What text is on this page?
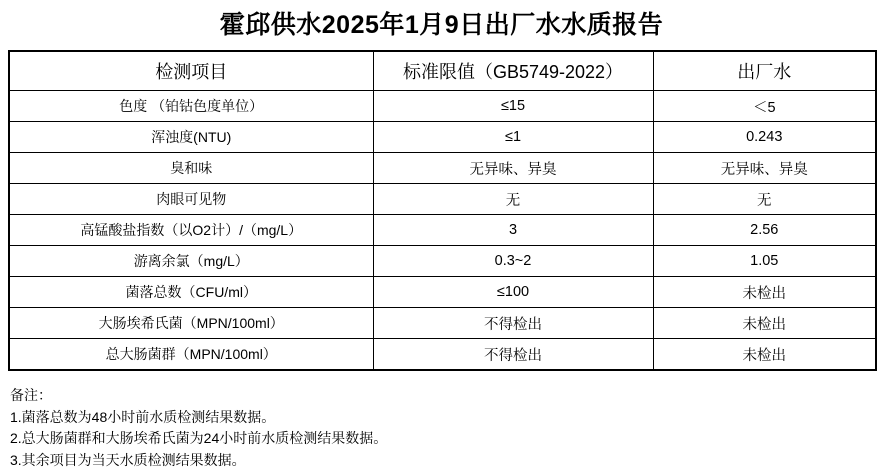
霍邱供水2025年1月9日出厂水水质报告
检测项目	标准限值（GB5749-2022）	出厂水
色度 （铂钴色度单位）	≤15	＜5
浑浊度(NTU)	≤1	0.243
臭和味	无异味、异臭	无异味、异臭
肉眼可见物	无	无
高锰酸盐指数（以O2计）/（mg/L）	3	2.56
游离余氯（mg/L）	0.3~2	1.05
菌落总数（CFU/ml）	≤100	未检出
大肠埃希氏菌（MPN/100ml）	不得检出	未检出
总大肠菌群（MPN/100ml）	不得检出	未检出
备注：
1.菌落总数为48小时前水质检测结果数据。
2.总大肠菌群和大肠埃希氏菌为24小时前水质检测结果数据。
3.其余项目为当天水质检测结果数据。
